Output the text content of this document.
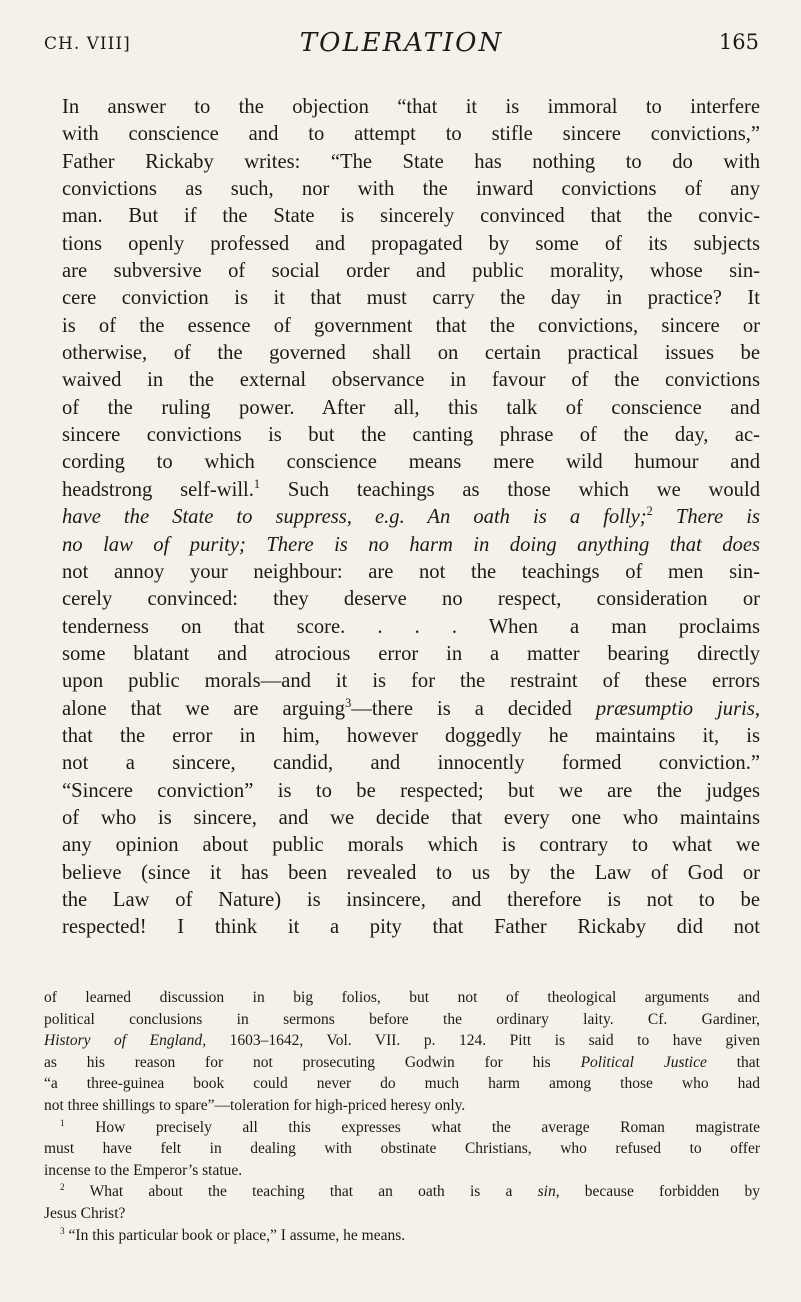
CH. VIII]	TOLERATION	165

In answer to the objection “that it is immoral to interfere
with conscience and to attempt to stifle sincere convictions,”
Father Rickaby writes: “The State has nothing to do with
convictions as such, nor with the inward convictions of any
man. But if the State is sincerely convinced that the convic-
tions openly professed and propagated by some of its subjects
are subversive of social order and public morality, whose sin-
cere conviction is it that must carry the day in practice? It
is of the essence of government that the convictions, sincere or
otherwise, of the governed shall on certain practical issues be
waived in the external observance in favour of the convictions
of the ruling power. After all, this talk of conscience and
sincere convictions is but the canting phrase of the day, ac-
cording to which conscience means mere wild humour and
headstrong self-will.$^1$ Such teachings as those which we would
have the State to suppress, e.g. An oath is a folly;$^2$ There is
no law of purity; There is no harm in doing anything that does
not annoy your neighbour: are not the teachings of men sin-
cerely convinced: they deserve no respect, consideration or
tenderness on that score. . . . When a man proclaims
some blatant and atrocious error in a matter bearing directly
upon public morals—and it is for the restraint of these errors
alone that we are arguing$^3$—there is a decided præsumptio juris,
that the error in him, however doggedly he maintains it, is
not a sincere, candid, and innocently formed conviction.”
“Sincere conviction” is to be respected; but we are the judges
of who is sincere, and we decide that every one who maintains
any opinion about public morals which is contrary to what we
believe (since it has been revealed to us by the Law of God or
the Law of Nature) is insincere, and therefore is not to be
respected! I think it a pity that Father Rickaby did not

of learned discussion in big folios, but not of theological arguments and
political conclusions in sermons before the ordinary laity. Cf. Gardiner,
History of England, 1603–1642, Vol. VII. p. 124. Pitt is said to have given
as his reason for not prosecuting Godwin for his Political Justice that
“a three-guinea book could never do much harm among those who had
not three shillings to spare”—toleration for high-priced heresy only.
$^1$ How precisely all this expresses what the average Roman magistrate
must have felt in dealing with obstinate Christians, who refused to offer
incense to the Emperor’s statue.
$^2$ What about the teaching that an oath is a sin, because forbidden by
Jesus Christ?
$^3$ “In this particular book or place,” I assume, he means.
